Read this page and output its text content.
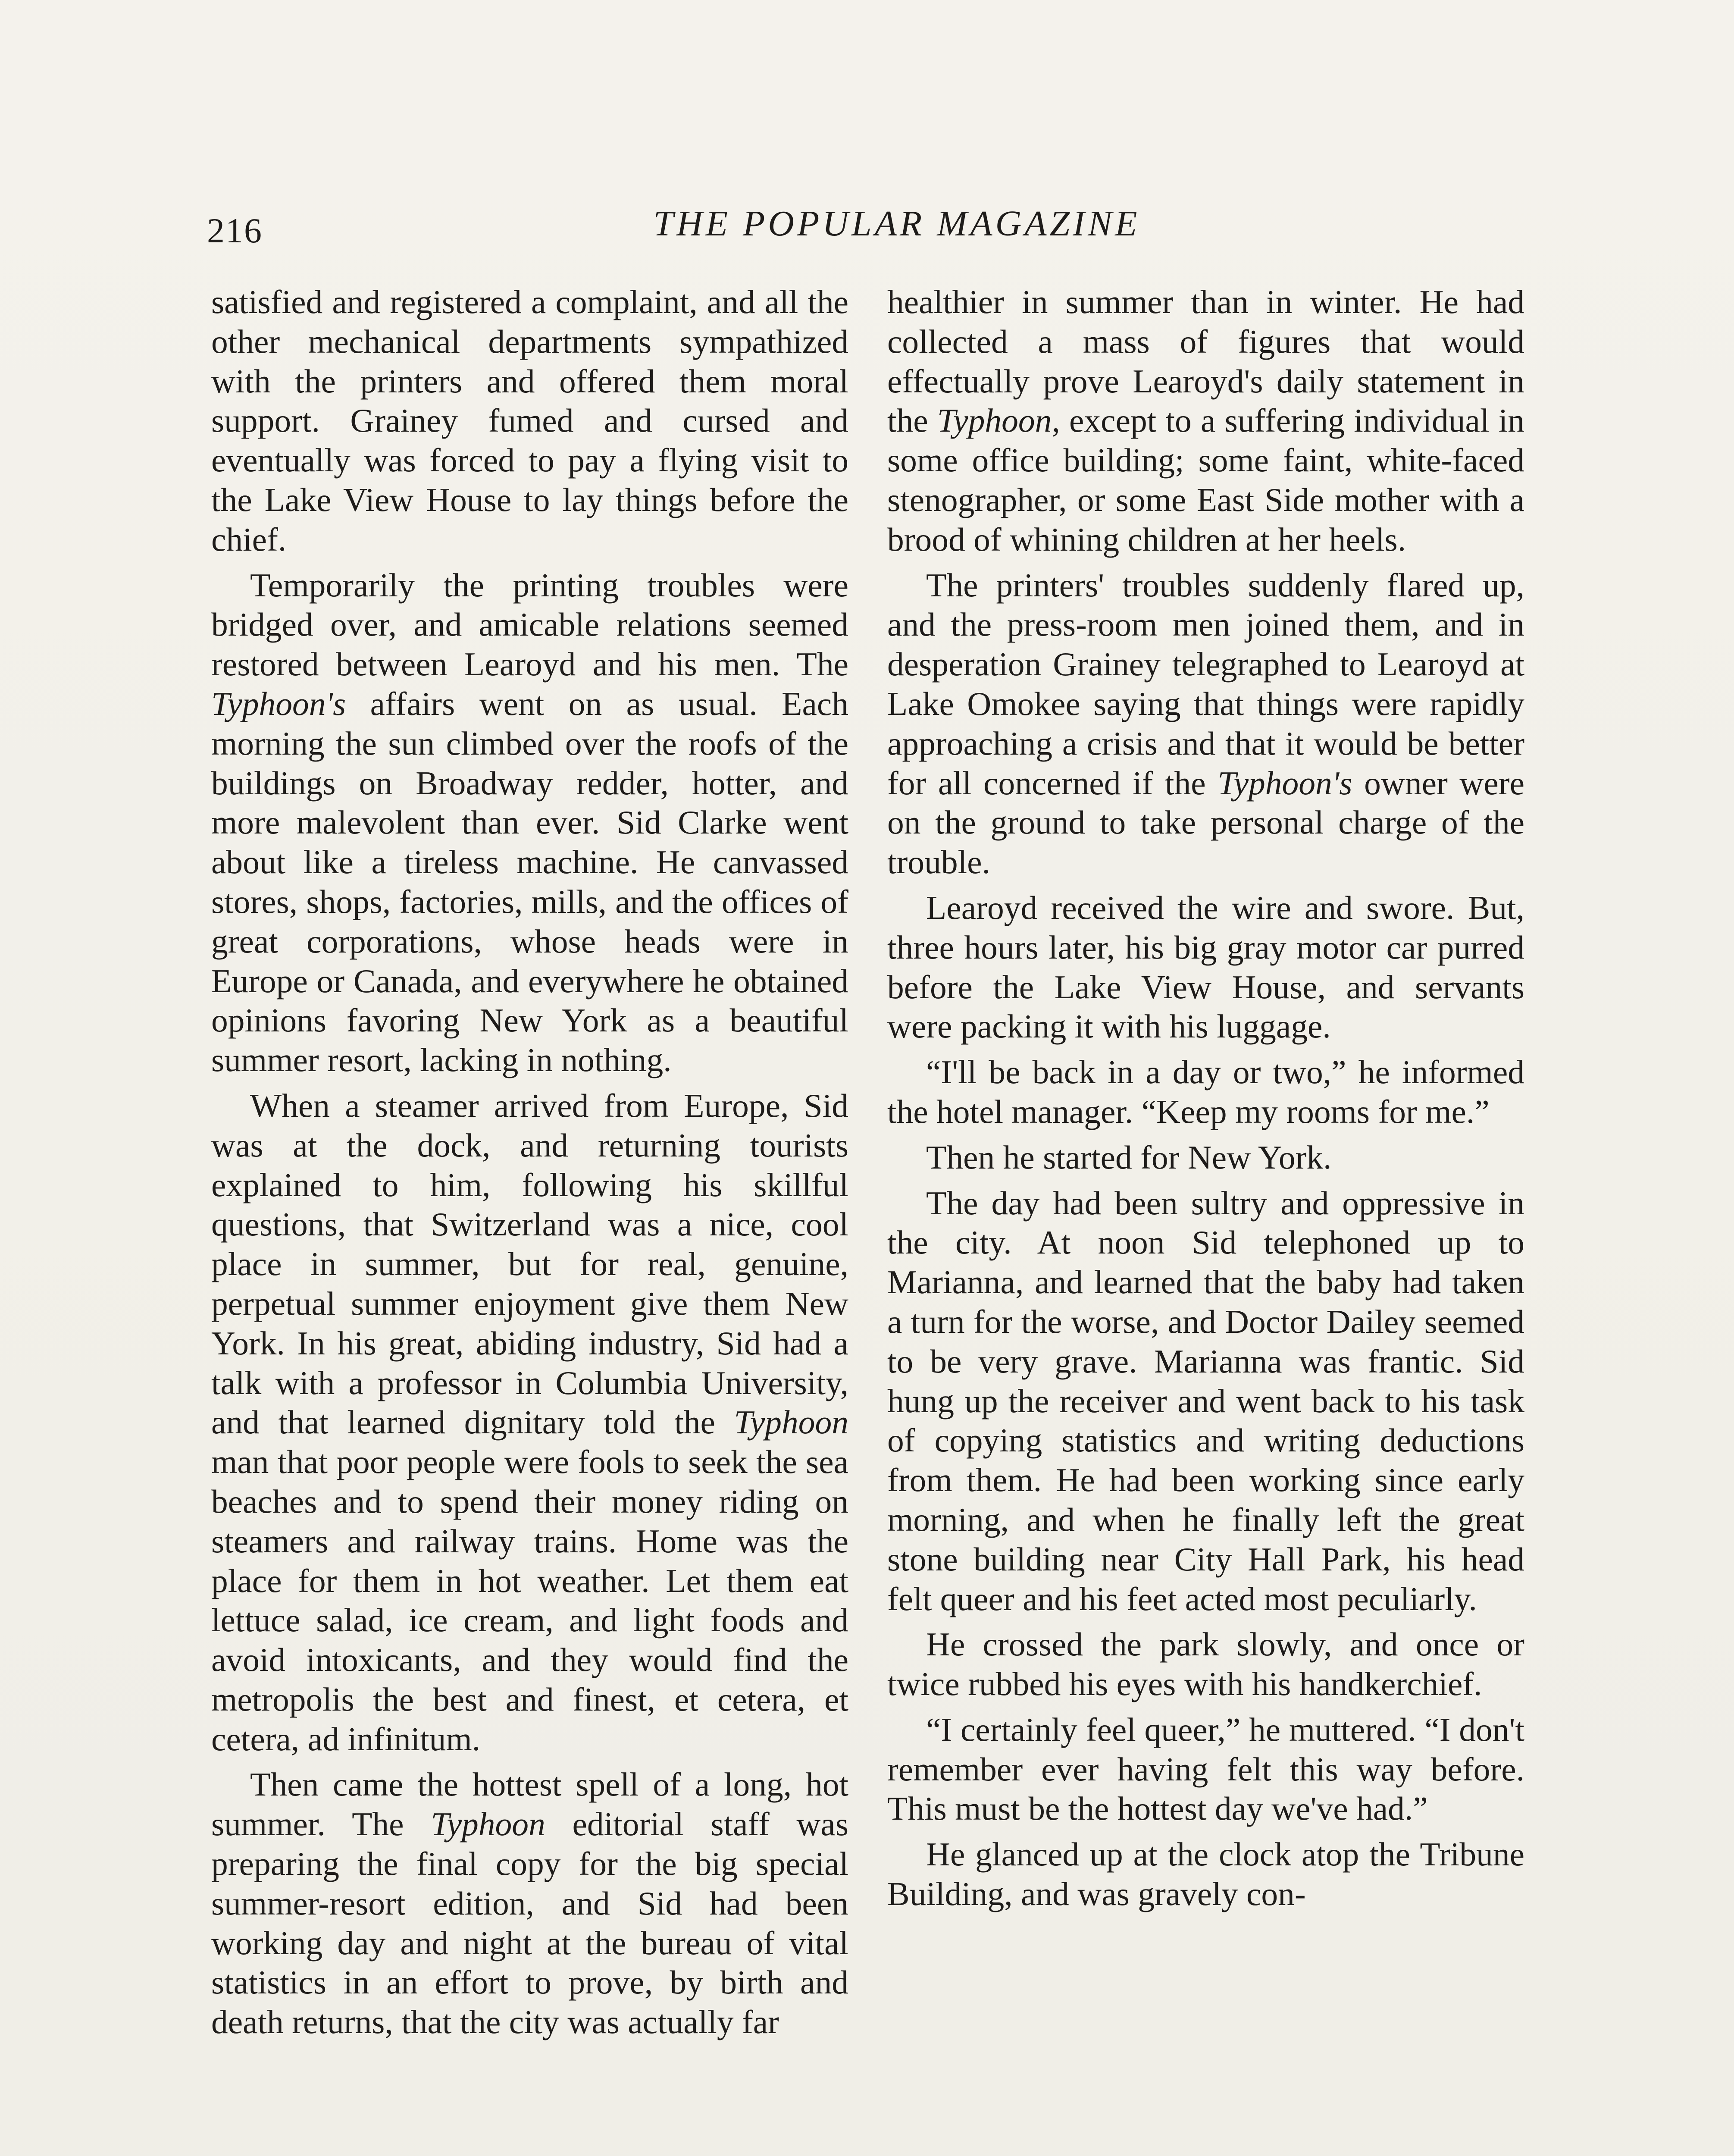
216	THE POPULAR MAGAZINE

satisfied and registered a complaint, and all the other mechanical departments sympathized with the printers and offered them moral support. Grainey fumed and cursed and eventually was forced to pay a flying visit to the Lake View House to lay things before the chief.

Temporarily the printing troubles were bridged over, and amicable relations seemed restored between Learoyd and his men. The Typhoon's affairs went on as usual. Each morning the sun climbed over the roofs of the buildings on Broadway redder, hotter, and more malevolent than ever. Sid Clarke went about like a tireless machine. He canvassed stores, shops, factories, mills, and the offices of great corporations, whose heads were in Europe or Canada, and everywhere he obtained opinions favoring New York as a beautiful summer resort, lacking in nothing.

When a steamer arrived from Europe, Sid was at the dock, and returning tourists explained to him, following his skillful questions, that Switzerland was a nice, cool place in summer, but for real, genuine, perpetual summer enjoyment give them New York. In his great, abiding industry, Sid had a talk with a professor in Columbia University, and that learned dignitary told the Typhoon man that poor people were fools to seek the sea beaches and to spend their money riding on steamers and railway trains. Home was the place for them in hot weather. Let them eat lettuce salad, ice cream, and light foods and avoid intoxicants, and they would find the metropolis the best and finest, et cetera, et cetera, ad infinitum.

Then came the hottest spell of a long, hot summer. The Typhoon editorial staff was preparing the final copy for the big special summer-resort edition, and Sid had been working day and night at the bureau of vital statistics in an effort to prove, by birth and death returns, that the city was actually far

healthier in summer than in winter. He had collected a mass of figures that would effectually prove Learoyd's daily statement in the Typhoon, except to a suffering individual in some office building; some faint, white-faced stenographer, or some East Side mother with a brood of whining children at her heels.

The printers' troubles suddenly flared up, and the press-room men joined them, and in desperation Grainey telegraphed to Learoyd at Lake Omokee saying that things were rapidly approaching a crisis and that it would be better for all concerned if the Typhoon's owner were on the ground to take personal charge of the trouble.

Learoyd received the wire and swore. But, three hours later, his big gray motor car purred before the Lake View House, and servants were packing it with his luggage.

“I'll be back in a day or two,” he informed the hotel manager. “Keep my rooms for me.”

Then he started for New York.

The day had been sultry and oppressive in the city. At noon Sid telephoned up to Marianna, and learned that the baby had taken a turn for the worse, and Doctor Dailey seemed to be very grave. Marianna was frantic. Sid hung up the receiver and went back to his task of copying statistics and writing deductions from them. He had been working since early morning, and when he finally left the great stone building near City Hall Park, his head felt queer and his feet acted most peculiarly.

He crossed the park slowly, and once or twice rubbed his eyes with his handkerchief.

“I certainly feel queer,” he muttered. “I don't remember ever having felt this way before. This must be the hottest day we've had.”

He glanced up at the clock atop the Tribune Building, and was gravely con-
